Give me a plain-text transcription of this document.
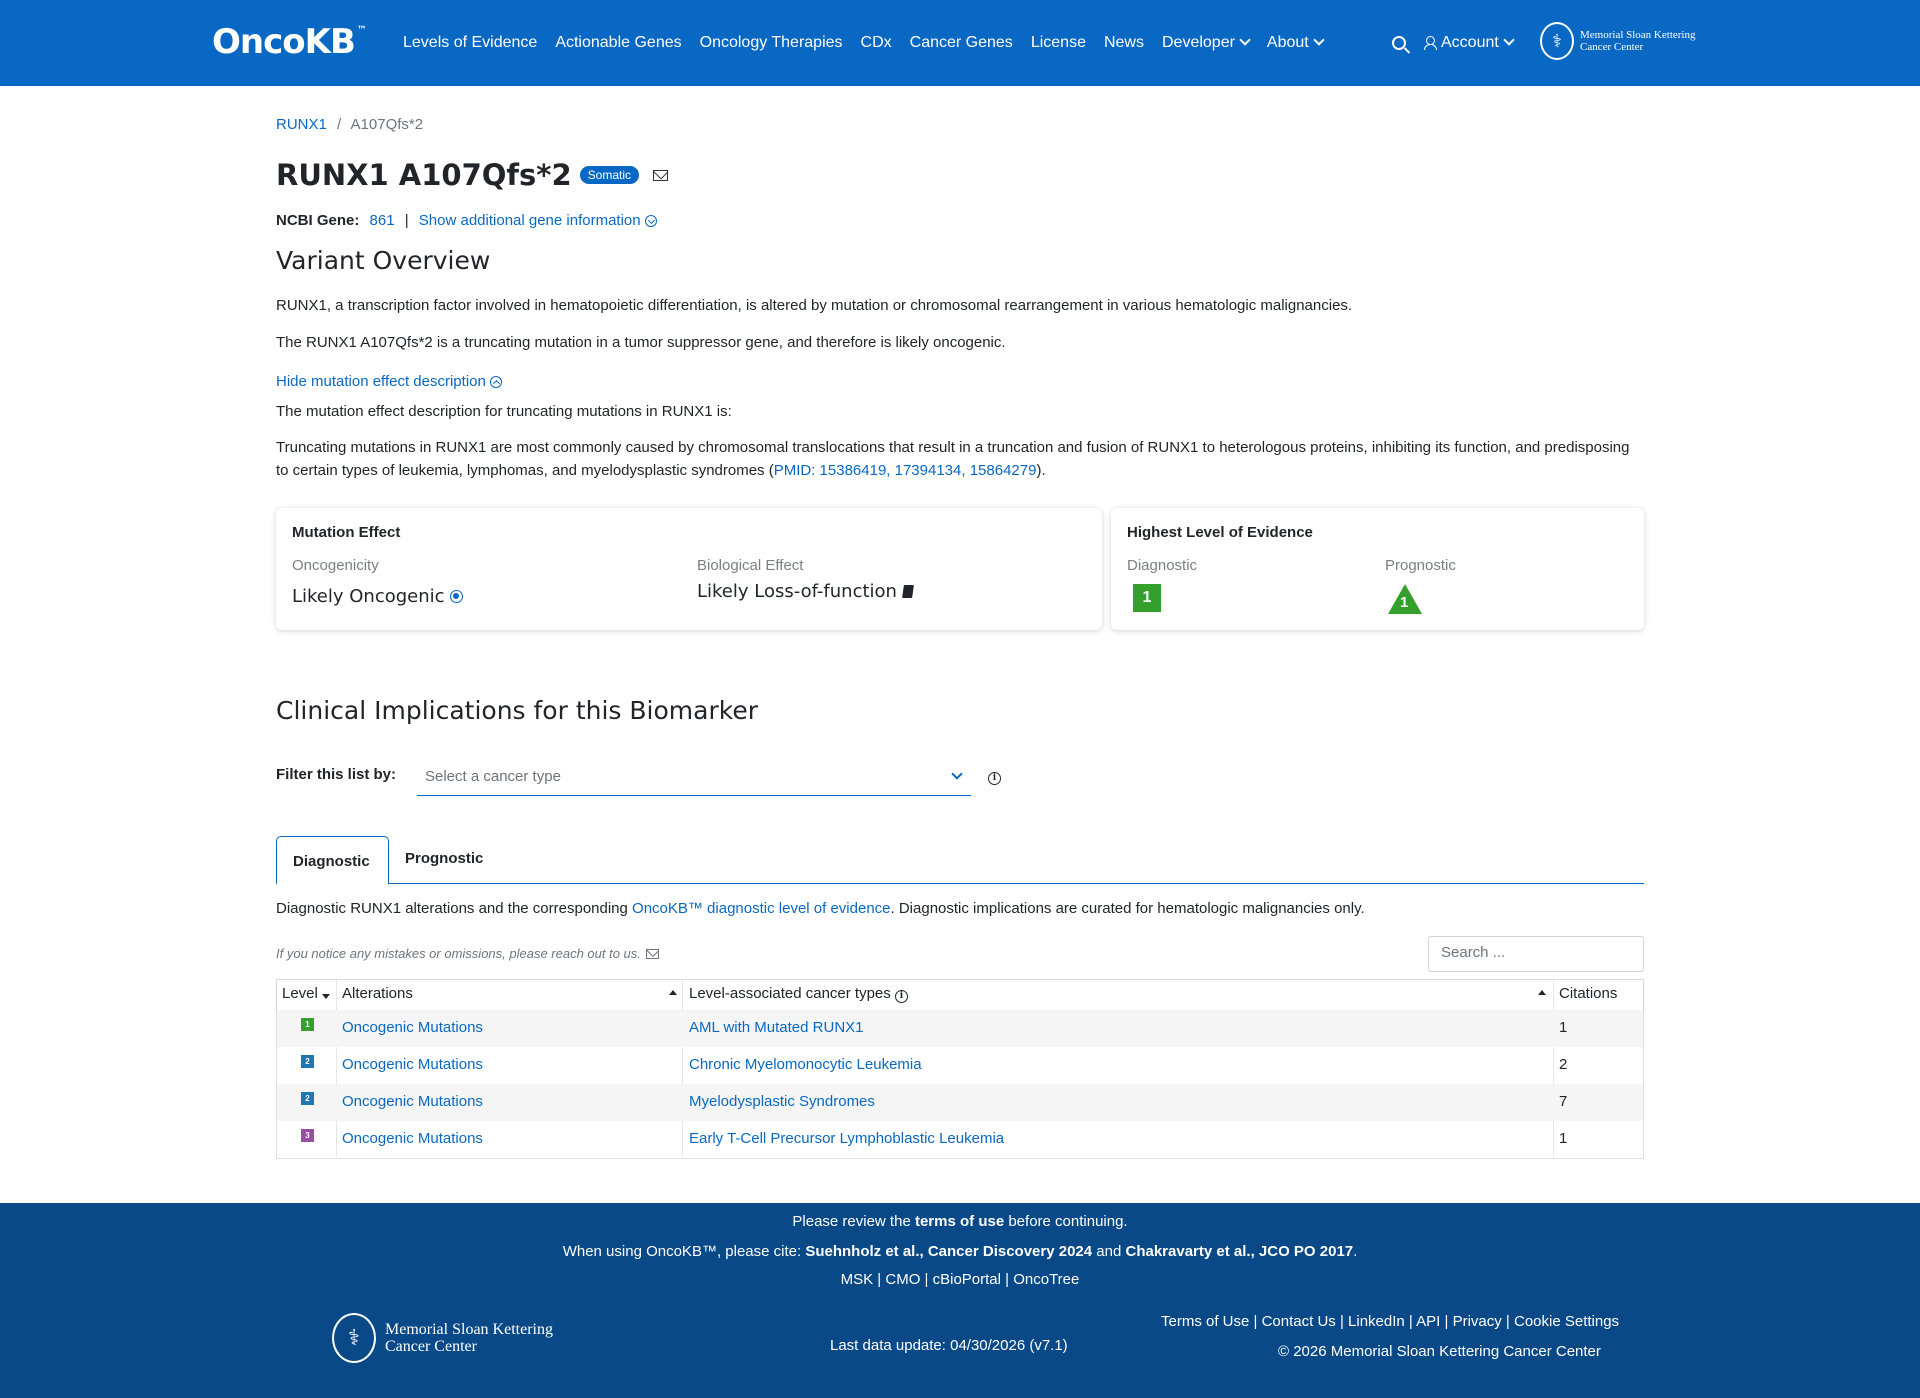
OncoKB ™
Levels of Evidence Actionable Genes Oncology Therapies CDx Cancer Genes License News Developer About	Account	⚕	Memorial Sloan Kettering
Cancer Center
RUNX1 / A107Qfs*2
RUNX1 A107Qfs*2	Somatic
NCBI Gene: 861 | Show additional gene information
Variant Overview

RUNX1, a transcription factor involved in hematopoietic differentiation, is altered by mutation or chromosomal rearrangement in various hematologic malignancies.

The RUNX1 A107Qfs*2 is a truncating mutation in a tumor suppressor gene, and therefore is likely oncogenic.

Hide mutation effect description

The mutation effect description for truncating mutations in RUNX1 is:

Truncating mutations in RUNX1 are most commonly caused by chromosomal translocations that result in a truncation and fusion of RUNX1 to heterologous proteins, inhibiting its function, and predisposing to certain types of leukemia, lymphomas, and myelodysplastic syndromes (PMID: 15386419, 17394134, 15864279).

Mutation Effect
Oncogenicity
Likely Oncogenic
Biological Effect
Likely Loss-of-function
Highest Level of Evidence
Diagnostic
1
Prognostic
1
Clinical Implications for this Biomarker
Filter this list by:	Select a cancer type	i
Diagnostic	Prognostic

Diagnostic RUNX1 alterations and the corresponding OncoKB™ diagnostic level of evidence. Diagnostic implications are curated for hematologic malignancies only.

If you notice any mistakes or omissions, please reach out to us.	Search ...
Level Alterations	Level-associated cancer types i	Citations
1 Oncogenic Mutations	AML with Mutated RUNX1	1
2 Oncogenic Mutations	Chronic Myelomonocytic Leukemia	2
2 Oncogenic Mutations	Myelodysplastic Syndromes	7
3 Oncogenic Mutations	Early T-Cell Precursor Lymphoblastic Leukemia	1
Please review the terms of use before continuing.
When using OncoKB™, please cite: Suehnholz et al., Cancer Discovery 2024 and Chakravarty et al., JCO PO 2017.
MSK | CMO | cBioPortal | OncoTree
⚕	Memorial Sloan Kettering
Cancer Center	Last data update: 04/30/2026 (v7.1)
Terms of Use | Contact Us | LinkedIn | API | Privacy | Cookie Settings
© 2026 Memorial Sloan Kettering Cancer Center
